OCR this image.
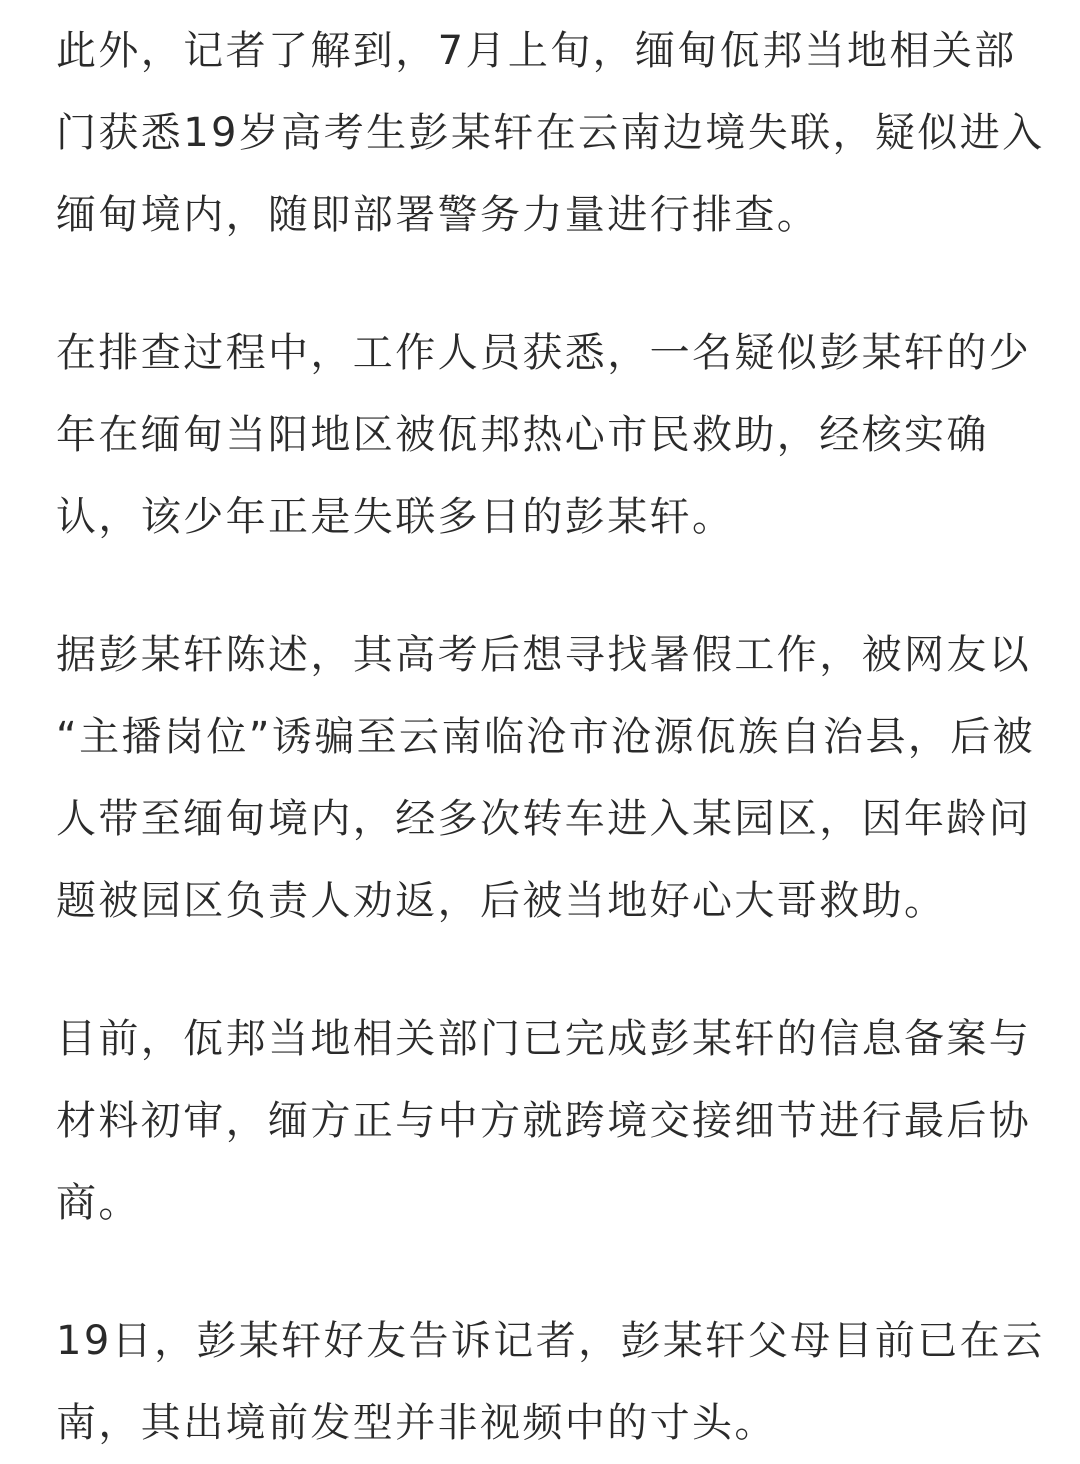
此外，记者了解到，7月上旬，缅甸佤邦当地相关部
门获悉19岁高考生彭某轩在云南边境失联，疑似进入
缅甸境内，随即部署警务力量进行排查。
在排查过程中，工作人员获悉，一名疑似彭某轩的少
年在缅甸当阳地区被佤邦热心市民救助，经核实确
认，该少年正是失联多日的彭某轩。
据彭某轩陈述，其高考后想寻找暑假工作，被网友以
“主播岗位”诱骗至云南临沧市沧源佤族自治县，后被
人带至缅甸境内，经多次转车进入某园区，因年龄问
题被园区负责人劝返，后被当地好心大哥救助。
目前，佤邦当地相关部门已完成彭某轩的信息备案与
材料初审，缅方正与中方就跨境交接细节进行最后协
商。
19日，彭某轩好友告诉记者，彭某轩父母目前已在云
南，其出境前发型并非视频中的寸头。
